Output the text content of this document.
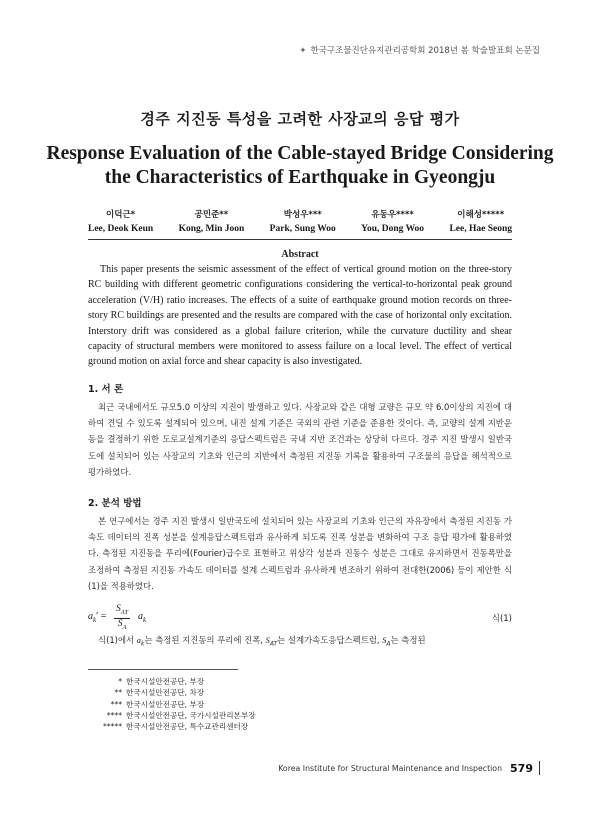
✦ 한국구조물진단유지관리공학회 2018년 봄 학술발표회 논문집
경주 지진동 특성을 고려한 사장교의 응답 평가
Response Evaluation of the Cable-stayed Bridge Considering
the Characteristics of Earthquake in Gyeongju
이덕근*
Lee, Deok Keun
공민준**
Kong, Min Joon
박성우***
Park, Sung Woo
유동우****
You, Dong Woo
이해성*****
Lee, Hae Seong
Abstract
This paper presents the seismic assessment of the effect of vertical ground motion on the three-story RC building with different geometric configurations considering the vertical-to-horizontal peak ground acceleration (V/H) ratio increases. The effects of a suite of earthquake ground motion records on three-story RC buildings are presented and the results are compared with the case of horizontal only excitation. Interstory drift was considered as a global failure criterion, while the curvature ductility and shear capacity of structural members were monitored to assess failure on a local level. The effect of vertical ground motion on axial force and shear capacity is also investigated.
1. 서 론
최근 국내에서도 규모5.0 이상의 지진이 발생하고 있다. 사장교와 같은 대형 교량은 규모 약 6.0이상의 지진에 대하여 견딜 수 있도록 설계되어 있으며, 내진 설계 기준은 국외의 관련 기준을 준용한 것이다. 즉, 교량의 설계 지반운동을 결정하기 위한 도로교설계기준의 응답스펙트럼은 국내 지반 조건과는 상당히 다르다. 경주 지진 발생시 일반국도에 설치되어 있는 사장교의 기초와 인근의 지반에서 측정된 지진동 기록을 활용하여 구조물의 응답을 해석적으로 평가하였다.
2. 분석 방법
본 연구에서는 경주 지진 발생시 일반국도에 설치되어 있는 사장교의 기초와 인근의 자유장에서 측정된 지진동 가속도 데이터의 진폭 성분을 설계응답스펙트럼과 유사하게 되도록 진폭 성분을 변화하여 구조 응답 평가에 활용하였다. 측정된 지진동을 푸리에(Fourier)급수로 표현하고 위상각 성분과 진동수 성분은 그대로 유지하면서 진동폭만을 조정하여 측정된 지진동 가속도 데이터를 설계 스펙트럼과 유사하게 변조하기 위하여 전대한(2006) 등이 제안한 식(1)을 적용하였다.
$a_k'$ =
$S_{AT}$
$S_A$
$a_k$	식(1)
식(1)에서 $a_k$는 측정된 지진동의 푸리에 진폭, $S_{AT}$는 설계가속도응답스펙트럼, $S_A$는 측정된
* 한국시설안전공단, 부장
** 한국시설안전공단, 차장
*** 한국시설안전공단, 부장
**** 한국시설안전공단, 국가시설관리본부장
***** 한국시설안전공단, 특수교관리센터장
Korea Institute for Structural Maintenance and Inspection 579
